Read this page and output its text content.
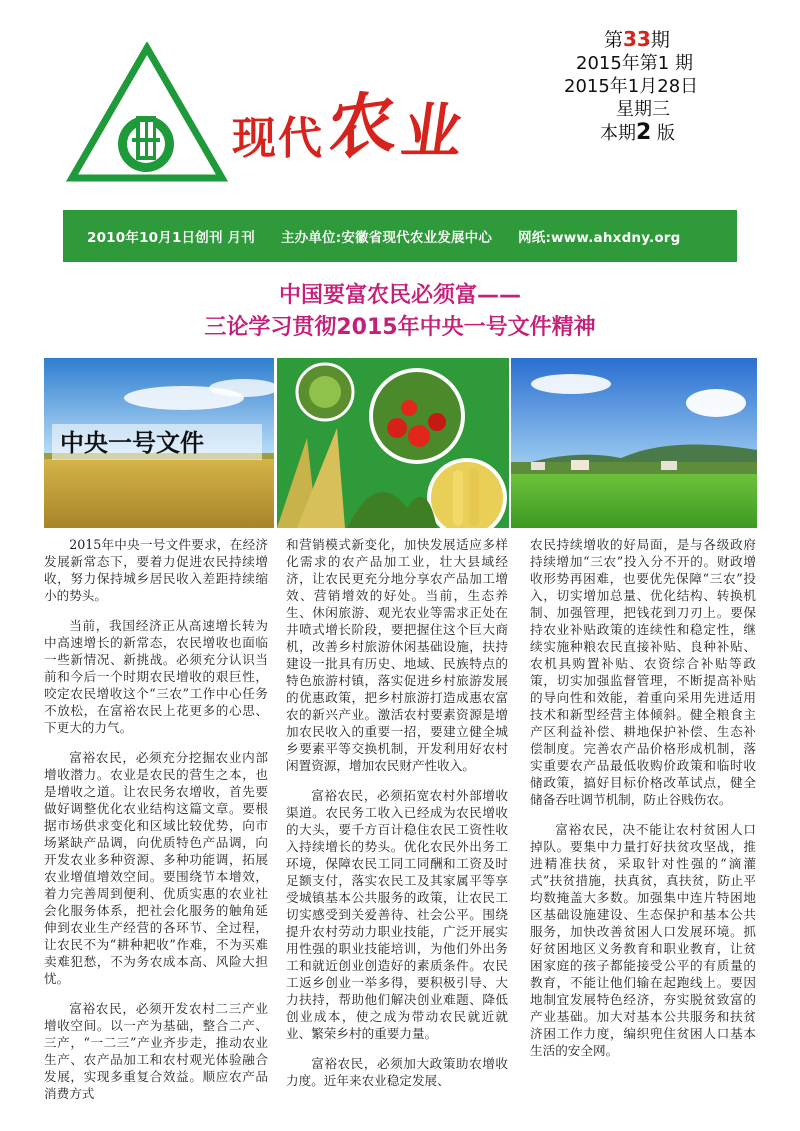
现代 农 业
第33期
2015年第1 期
2015年1月28日
星期三
本期2 版
2010年10月1日创刊 月刊 主办单位:安徽省现代农业发展中心 网纸:www.ahxdny.org
中国要富农民必须富——
三论学习贯彻2015年中央一号文件精神
中央一号文件

2015年中央一号文件要求，在经济发展新常态下，要着力促进农民持续增收，努力保持城乡居民收入差距持续缩小的势头。

当前，我国经济正从高速增长转为中高速增长的新常态，农民增收也面临一些新情况、新挑战。必须充分认识当前和今后一个时期农民增收的艰巨性，咬定农民增收这个“三农”工作中心任务不放松，在富裕农民上花更多的心思、下更大的力气。

富裕农民，必须充分挖掘农业内部增收潜力。农业是农民的营生之本，也是增收之道。让农民务农增收，首先要做好调整优化农业结构这篇文章。要根据市场供求变化和区域比较优势，向市场紧缺产品调，向优质特色产品调，向开发农业多种资源、多种功能调，拓展农业增值增效空间。要围绕节本增效，着力完善周到便利、优质实惠的农业社会化服务体系，把社会化服务的触角延伸到农业生产经营的各环节、全过程，让农民不为“耕种耙收”作难，不为买难卖难犯愁，不为务农成本高、风险大担忧。

富裕农民，必须开发农村二三产业增收空间。以一产为基础，整合二产、三产，“一二三”产业齐步走，推动农业生产、农产品加工和农村观光体验融合发展，实现多重复合效益。顺应农产品消费方式

和营销模式新变化，加快发展适应多样化需求的农产品加工业，壮大县域经济，让农民更充分地分享农产品加工增效、营销增效的好处。当前，生态养生、休闲旅游、观光农业等需求正处在井喷式增长阶段，要把握住这个巨大商机，改善乡村旅游休闲基础设施，扶持建设一批具有历史、地域、民族特点的特色旅游村镇，落实促进乡村旅游发展的优惠政策，把乡村旅游打造成惠农富农的新兴产业。激活农村要素资源是增加农民收入的重要一招，要建立健全城乡要素平等交换机制，开发利用好农村闲置资源，增加农民财产性收入。

富裕农民，必须拓宽农村外部增收渠道。农民务工收入已经成为农民增收的大头，要千方百计稳住农民工资性收入持续增长的势头。优化农民外出务工环境，保障农民工同工同酬和工资及时足额支付，落实农民工及其家属平等享受城镇基本公共服务的政策，让农民工切实感受到关爱善待、社会公平。围绕提升农村劳动力职业技能，广泛开展实用性强的职业技能培训，为他们外出务工和就近创业创造好的素质条件。农民工返乡创业一举多得，要积极引导、大力扶持，帮助他们解决创业难题、降低创业成本，使之成为带动农民就近就业、繁荣乡村的重要力量。

富裕农民，必须加大政策助农增收力度。近年来农业稳定发展、

农民持续增收的好局面，是与各级政府持续增加“三农”投入分不开的。财政增收形势再困难，也要优先保障“三农”投入，切实增加总量、优化结构、转换机制、加强管理，把钱花到刀刃上。要保持农业补贴政策的连续性和稳定性，继续实施种粮农民直接补贴、良种补贴、农机具购置补贴、农资综合补贴等政策，切实加强监督管理，不断提高补贴的导向性和效能，着重向采用先进适用技术和新型经营主体倾斜。健全粮食主产区利益补偿、耕地保护补偿、生态补偿制度。完善农产品价格形成机制，落实重要农产品最低收购价政策和临时收储政策，搞好目标价格改革试点，健全储备吞吐调节机制，防止谷贱伤农。

富裕农民，决不能让农村贫困人口掉队。要集中力量打好扶贫攻坚战，推进精准扶贫，采取针对性强的“滴灌式”扶贫措施，扶真贫，真扶贫，防止平均数掩盖大多数。加强集中连片特困地区基础设施建设、生态保护和基本公共服务，加快改善贫困人口发展环境。抓好贫困地区义务教育和职业教育，让贫困家庭的孩子都能接受公平的有质量的教育，不能让他们输在起跑线上。要因地制宜发展特色经济，夯实脱贫致富的产业基础。加大对基本公共服务和扶贫济困工作力度，编织兜住贫困人口基本生活的安全网。
